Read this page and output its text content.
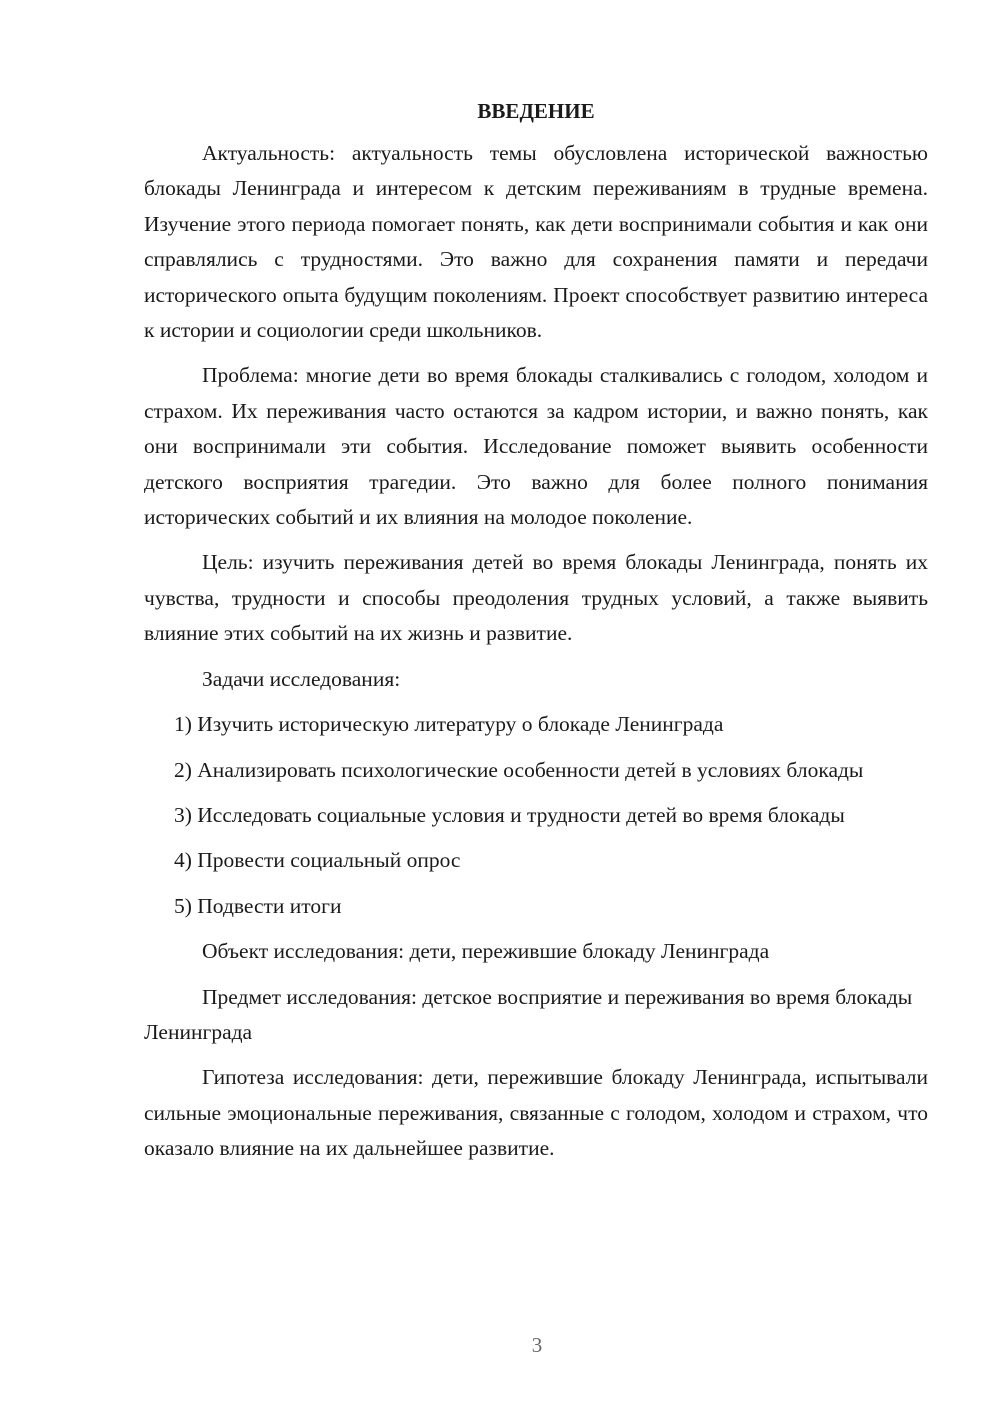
ВВЕДЕНИЕ

Актуальность: актуальность темы обусловлена исторической важностью блокады Ленинграда и интересом к детским переживаниям в трудные времена. Изучение этого периода помогает понять, как дети воспринимали события и как они справлялись с трудностями. Это важно для сохранения памяти и передачи исторического опыта будущим поколениям. Проект способствует развитию интереса к истории и социологии среди школьников.

Проблема: многие дети во время блокады сталкивались с голодом, холодом и страхом. Их переживания часто остаются за кадром истории, и важно понять, как они воспринимали эти события. Исследование поможет выявить особенности детского восприятия трагедии. Это важно для более полного понимания исторических событий и их влияния на молодое поколение.

Цель: изучить переживания детей во время блокады Ленинграда, понять их чувства, трудности и способы преодоления трудных условий, а также выявить влияние этих событий на их жизнь и развитие.

Задачи исследования:

1) Изучить историческую литературу о блокаде Ленинграда

2) Анализировать психологические особенности детей в условиях блокады

3) Исследовать социальные условия и трудности детей во время блокады

4) Провести социальный опрос

5) Подвести итоги

Объект исследования: дети, пережившие блокаду Ленинграда

Предмет исследования: детское восприятие и переживания во время блокады Ленинграда

Гипотеза исследования: дети, пережившие блокаду Ленинграда, испытывали сильные эмоциональные переживания, связанные с голодом, холодом и страхом, что оказало влияние на их дальнейшее развитие.

3
